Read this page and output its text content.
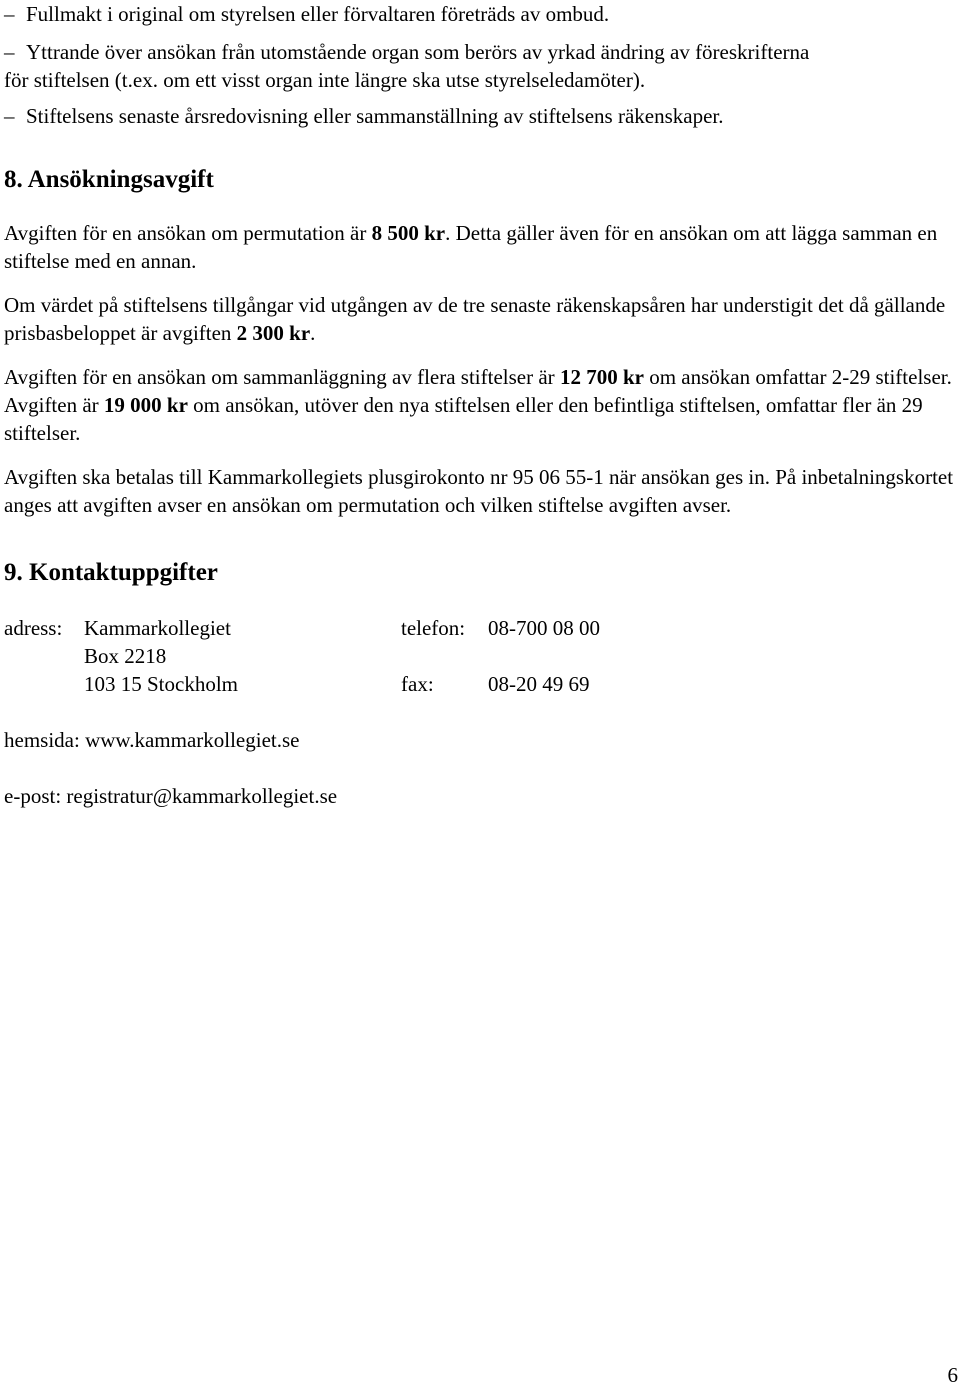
– Fullmakt i original om styrelsen eller förvaltaren företräds av ombud.
– Yttrande över ansökan från utomstående organ som berörs av yrkad ändring av föreskrifterna
för stiftelsen (t.ex. om ett visst organ inte längre ska utse styrelseledamöter).
– Stiftelsens senaste årsredovisning eller sammanställning av stiftelsens räkenskaper.
8. Ansökningsavgift

Avgiften för en ansökan om permutation är 8 500 kr. Detta gäller även för en ansökan om att lägga samman en stiftelse med en annan.

Om värdet på stiftelsens tillgångar vid utgången av de tre senaste räkenskapsåren har understigit det då gällande prisbasbeloppet är avgiften 2 300 kr.

Avgiften för en ansökan om sammanläggning av flera stiftelser är 12 700 kr om ansökan omfattar 2-29 stiftelser. Avgiften är 19 000 kr om ansökan, utöver den nya stiftelsen eller den befintliga stiftelsen, omfattar fler än 29 stiftelser.

Avgiften ska betalas till Kammarkollegiets plusgirokonto nr 95 06 55-1 när ansökan ges in. På inbetalningskortet anges att avgiften avser en ansökan om permutation och vilken stiftelse avgiften avser.

9. Kontaktuppgifter
adress:	Kammarkollegiet	telefon:	08-700 08 00
Box 2218
103 15 Stockholm	fax:	08-20 49 69
hemsida: www.kammarkollegiet.se
e-post: registratur@kammarkollegiet.se
6
